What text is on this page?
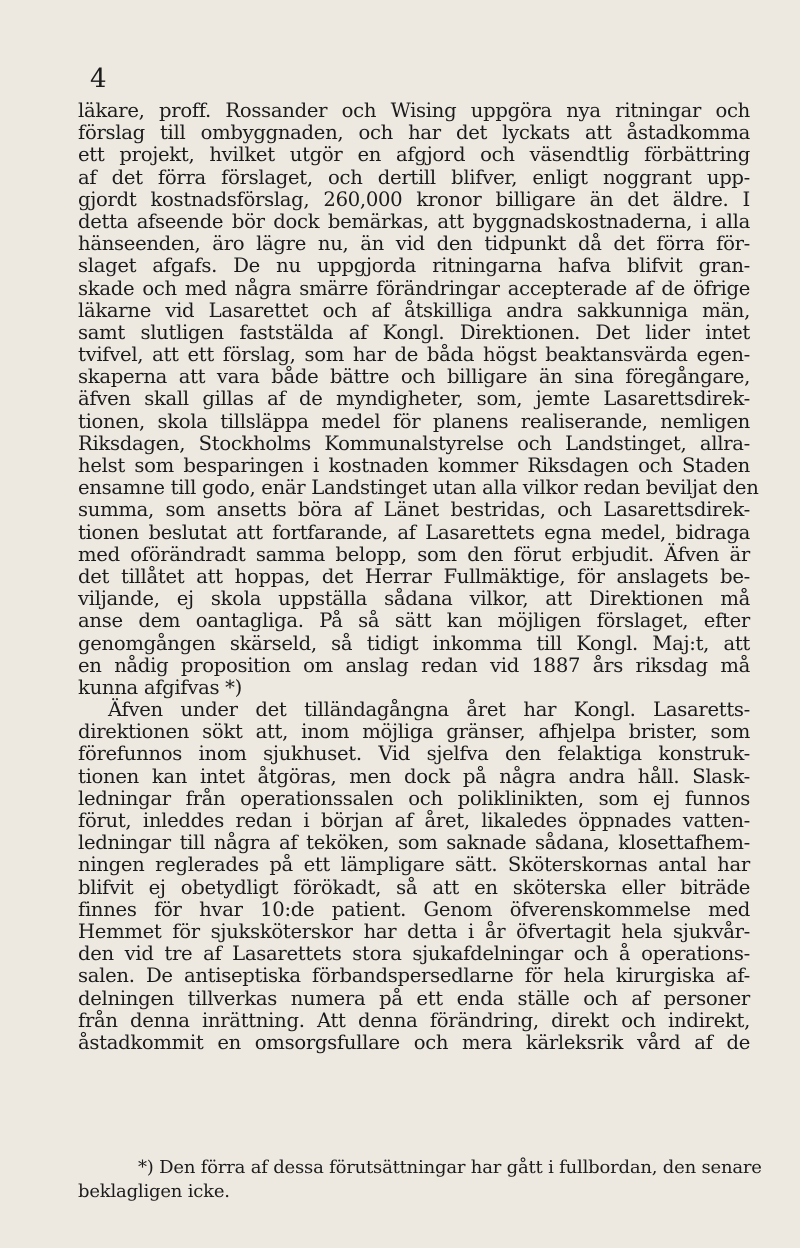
4
läkare, proff. Rossander och Wising uppgöra nya ritningar och
förslag till ombyggnaden, och har det lyckats att åstadkomma
ett projekt, hvilket utgör en afgjord och väsendtlig förbättring
af det förra förslaget, och dertill blifver, enligt noggrant upp-
gjordt kostnadsförslag, 260,000 kronor billigare än det äldre. I
detta afseende bör dock bemärkas, att byggnadskostnaderna, i alla
hänseenden, äro lägre nu, än vid den tidpunkt då det förra för-
slaget afgafs. De nu uppgjorda ritningarna hafva blifvit gran-
skade och med några smärre förändringar accepterade af de öfrige
läkarne vid Lasarettet och af åtskilliga andra sakkunniga män,
samt slutligen faststälda af Kongl. Direktionen. Det lider intet
tvifvel, att ett förslag, som har de båda högst beaktansvärda egen-
skaperna att vara både bättre och billigare än sina föregångare,
äfven skall gillas af de myndigheter, som, jemte Lasarettsdirek-
tionen, skola tillsläppa medel för planens realiserande, nemligen
Riksdagen, Stockholms Kommunalstyrelse och Landstinget, allra-
helst som besparingen i kostnaden kommer Riksdagen och Staden
ensamne till godo, enär Landstinget utan alla vilkor redan beviljat den
summa, som ansetts böra af Länet bestridas, och Lasarettsdirek-
tionen beslutat att fortfarande, af Lasarettets egna medel, bidraga
med oförändradt samma belopp, som den förut erbjudit. Äfven är
det tillåtet att hoppas, det Herrar Fullmäktige, för anslagets be-
viljande, ej skola uppställa sådana vilkor, att Direktionen må
anse dem oantagliga. På så sätt kan möjligen förslaget, efter
genomgången skärseld, så tidigt inkomma till Kongl. Maj:t, att
en nådig proposition om anslag redan vid 1887 års riksdag må
kunna afgifvas *)
Äfven under det tilländagångna året har Kongl. Lasaretts-
direktionen sökt att, inom möjliga gränser, afhjelpa brister, som
förefunnos inom sjukhuset. Vid sjelfva den felaktiga konstruk-
tionen kan intet åtgöras, men dock på några andra håll. Slask-
ledningar från operationssalen och poliklinikten, som ej funnos
förut, inleddes redan i början af året, likaledes öppnades vatten-
ledningar till några af teköken, som saknade sådana, klosettafhem-
ningen reglerades på ett lämpligare sätt. Sköterskornas antal har
blifvit ej obetydligt förökadt, så att en sköterska eller biträde
finnes för hvar 10:de patient. Genom öfverenskommelse med
Hemmet för sjuksköterskor har detta i år öfvertagit hela sjukvår-
den vid tre af Lasarettets stora sjukafdelningar och å operations-
salen. De antiseptiska förbandspersedlarne för hela kirurgiska af-
delningen tillverkas numera på ett enda ställe och af personer
från denna inrättning. Att denna förändring, direkt och indirekt,
åstadkommit en omsorgsfullare och mera kärleksrik vård af de
*) Den förra af dessa förutsättningar har gått i fullbordan, den senare
beklagligen icke.
